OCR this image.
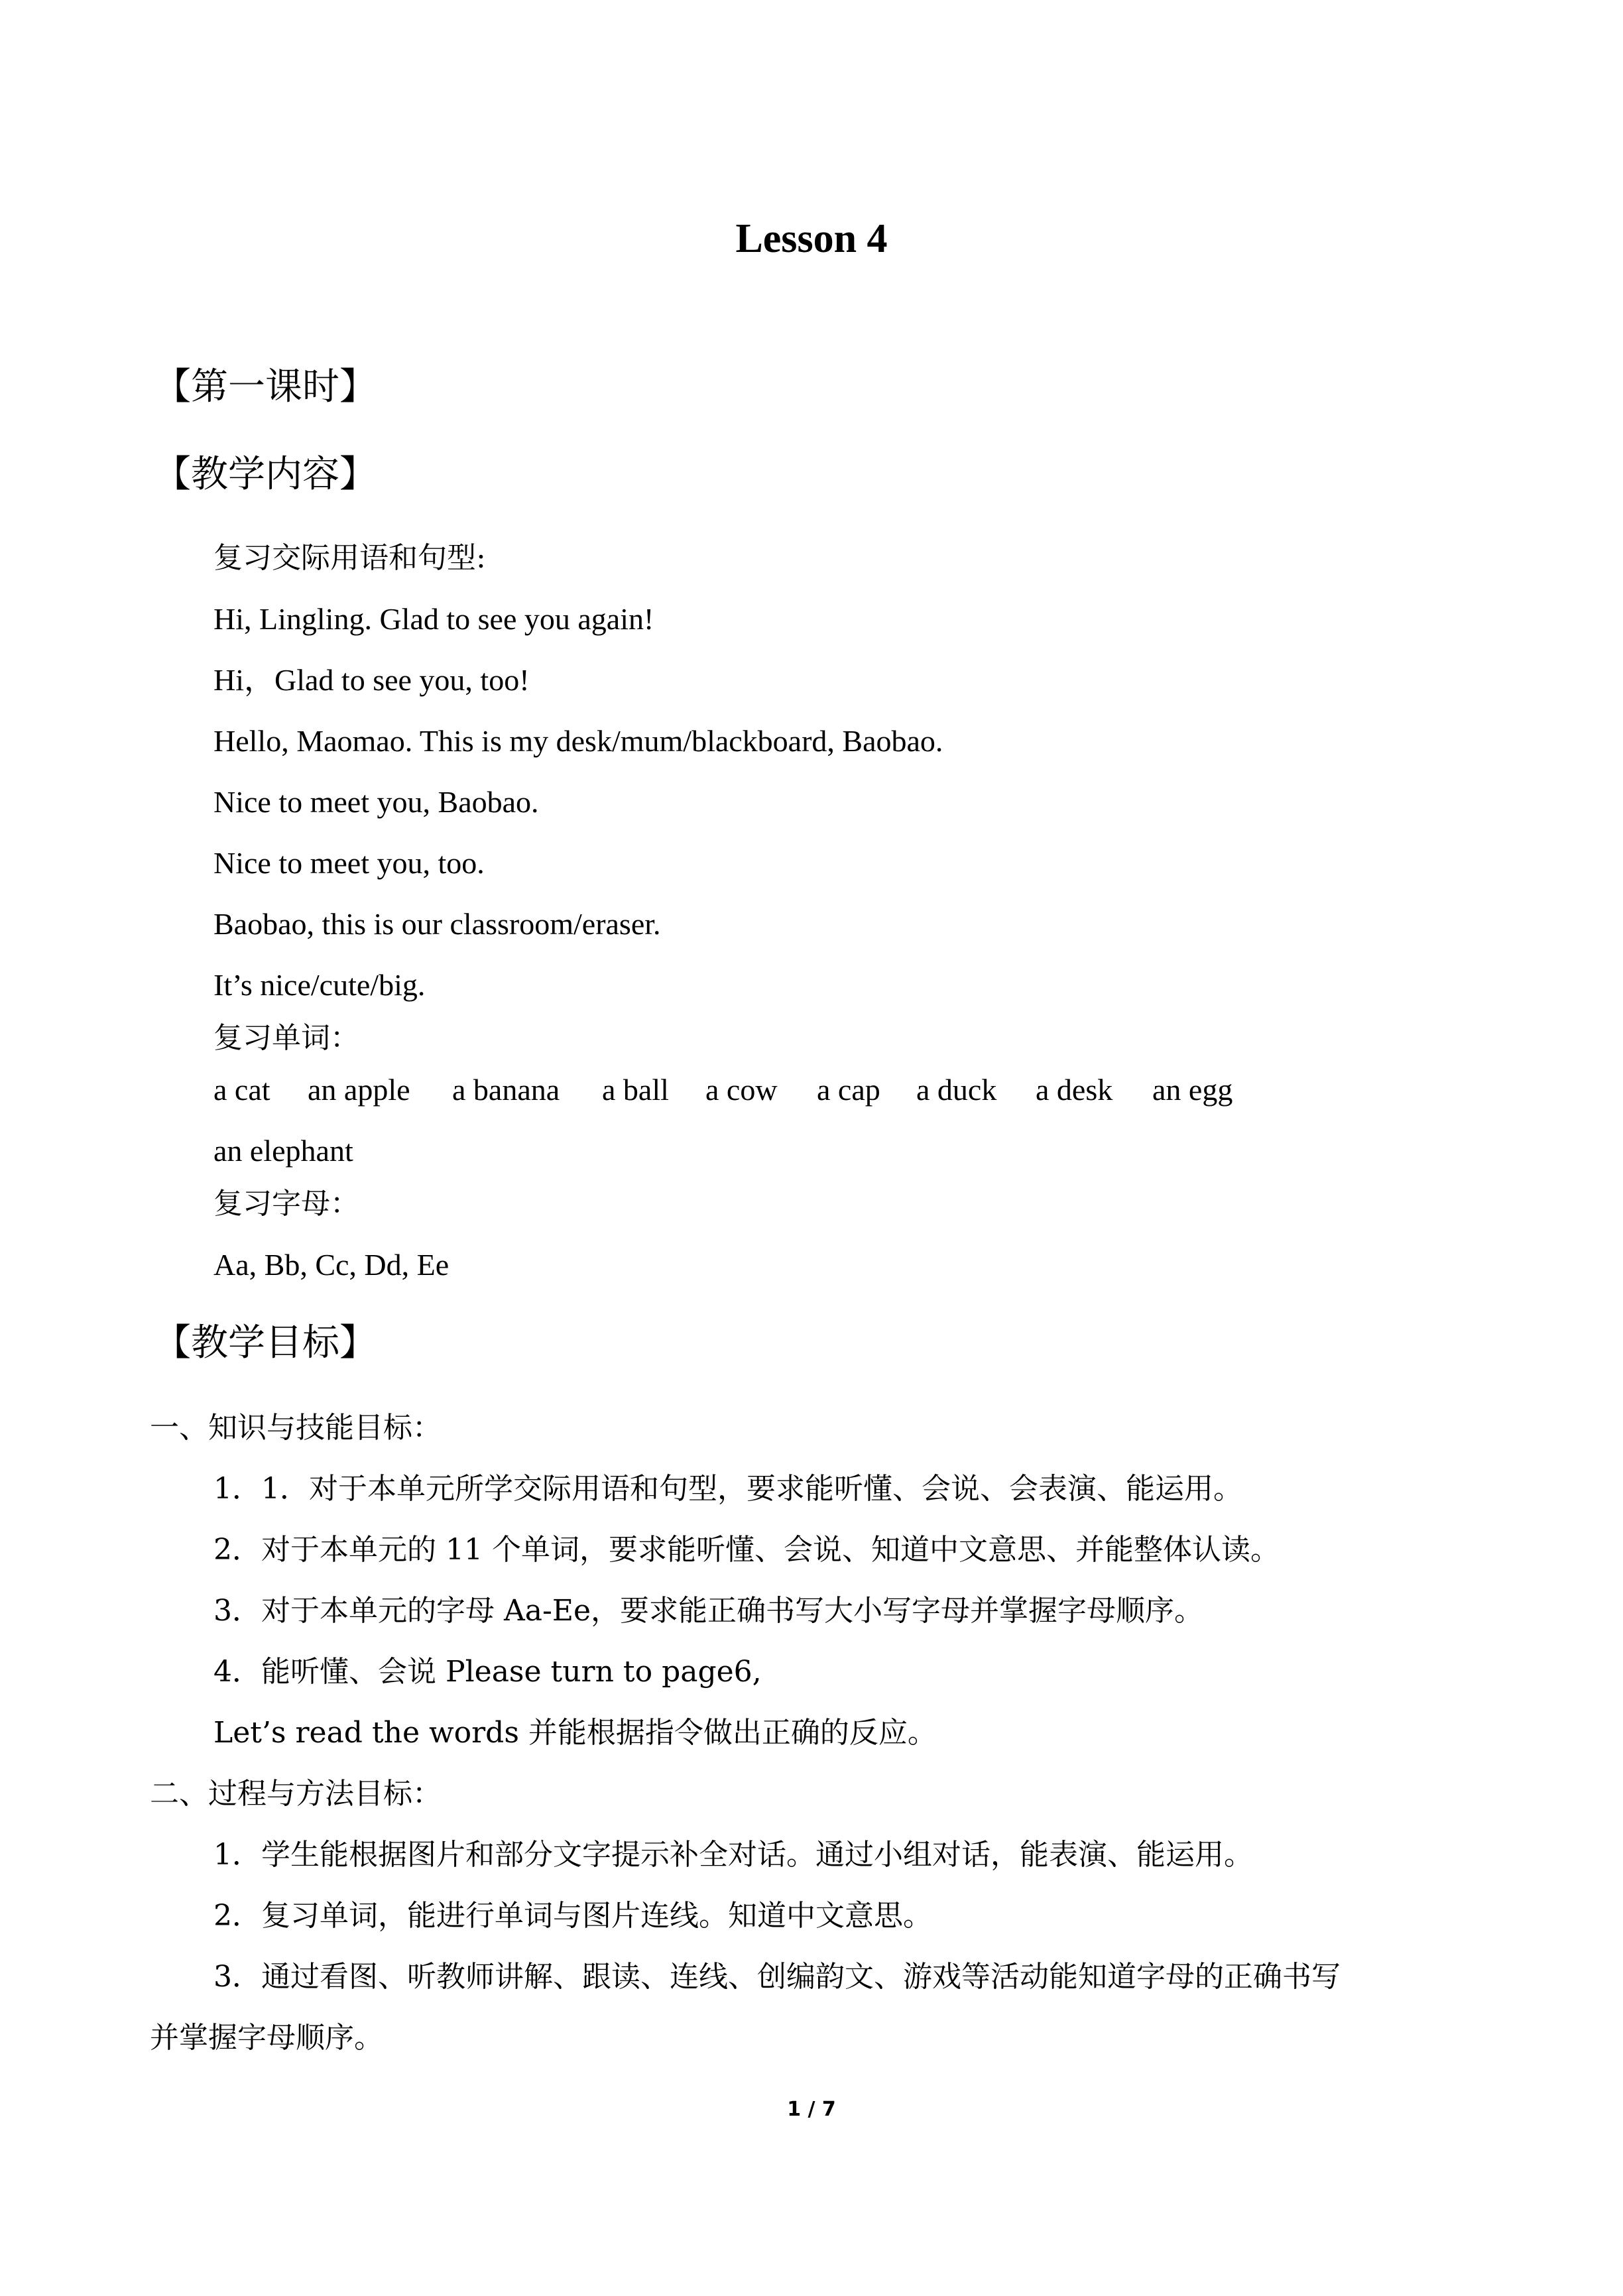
Lesson 4
【第一课时】
【教学内容】
复习交际用语和句型:
Hi, Lingling. Glad to see you again!
Hi，Glad to see you, too!
Hello, Maomao. This is my desk/mum/blackboard, Baobao.
Nice to meet you, Baobao.
Nice to meet you, too.
Baobao, this is our classroom/eraser.
It’s nice/cute/big.
复习单词：
a cat an apple a banana a ball a cow a cap a duck a desk an egg
an elephant
复习字母：
Aa, Bb, Cc, Dd, Ee
【教学目标】
一、知识与技能目标：
1．1．对于本单元所学交际用语和句型，要求能听懂、会说、会表演、能运用。
2．对于本单元的 11 个单词，要求能听懂、会说、知道中文意思、并能整体认读。
3．对于本单元的字母 Aa-Ee，要求能正确书写大小写字母并掌握字母顺序。
4．能听懂、会说 Please turn to page6,
Let’s read the words 并能根据指令做出正确的反应。
二、过程与方法目标：
1．学生能根据图片和部分文字提示补全对话。通过小组对话，能表演、能运用。
2．复习单词，能进行单词与图片连线。知道中文意思。
3．通过看图、听教师讲解、跟读、连线、创编韵文、游戏等活动能知道字母的正确书写
并掌握字母顺序。
1 / 7
